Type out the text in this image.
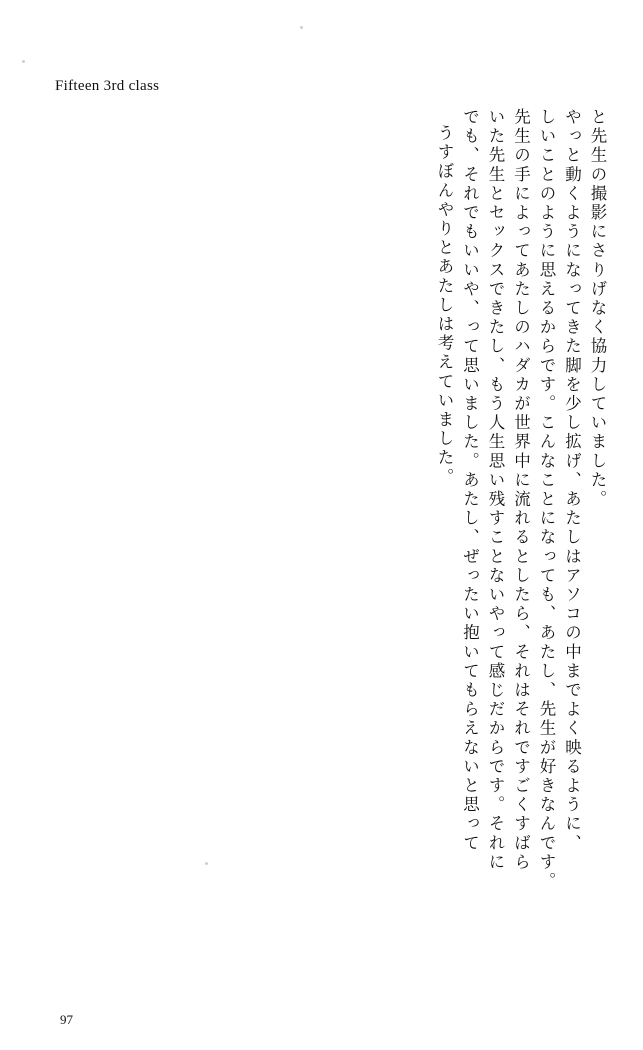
Fifteen 3rd class
うすぼんやりとあたしは考えていました。 でも、それでもいいや、って思いました。あたし、ぜったい抱いてもらえないと思って いた先生とセックスできたし、もう人生思い残すことないやって感じだからです。それに 先生の手によってあたしのハダカが世界中に流れるとしたら、それはそれですごくすばら しいことのように思えるからです。こんなことになっても、あたし、先生が好きなんです。 やっと動くようになってきた脚を少し拡げ、あたしはアソコの中までよく映るように、 と先生の撮影にさりげなく協力していました。
97
